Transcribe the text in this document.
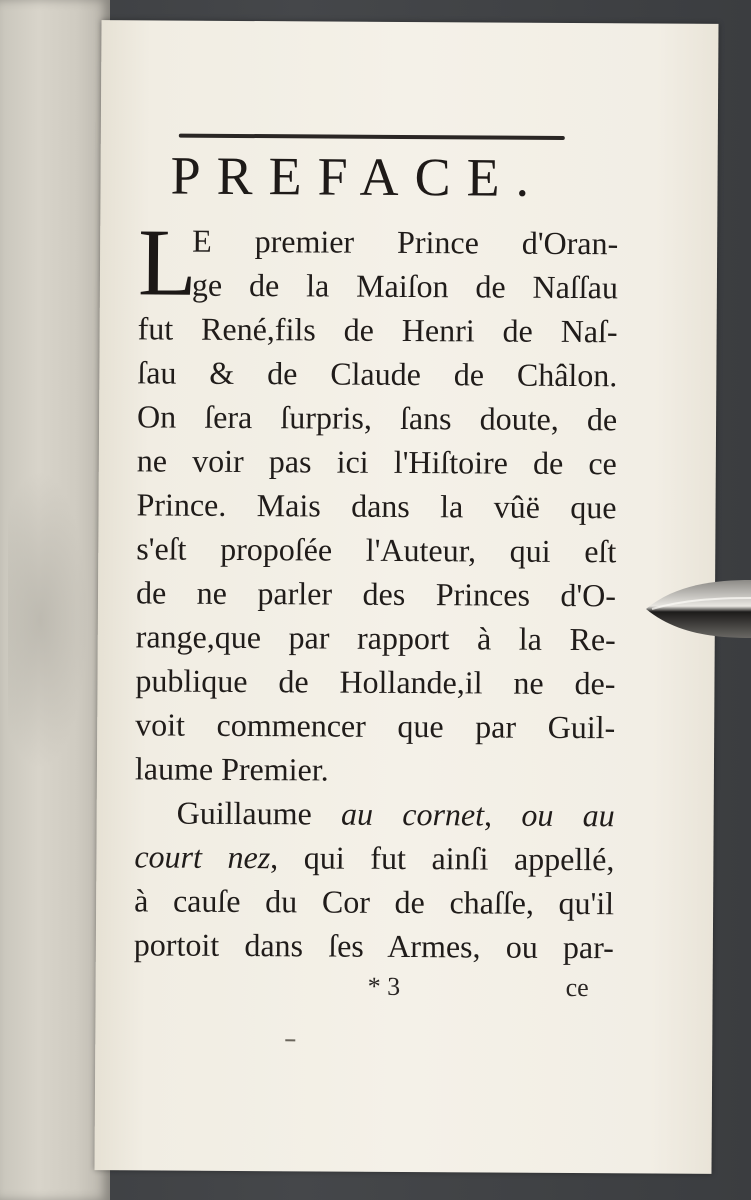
PREFACE.
L
E premier Prince d'Oran-
ge de la Maiſon de Naſſau
fut René,fils de Henri de Naſ-
ſau & de Claude de Châlon.
On ſera ſurpris, ſans doute, de
ne voir pas ici l'Hiſtoire de ce
Prince. Mais dans la vûë que
s'eſt propoſée l'Auteur, qui eſt
de ne parler des Princes d'O-
range,que par rapport à la Re-
publique de Hollande,il ne de-
voit commencer que par Guil-
laume Premier.
Guillaume au cornet, ou au
court nez, qui fut ainſi appellé,
à cauſe du Cor de chaſſe, qu'il
portoit dans ſes Armes, ou par-
* 3	ce
